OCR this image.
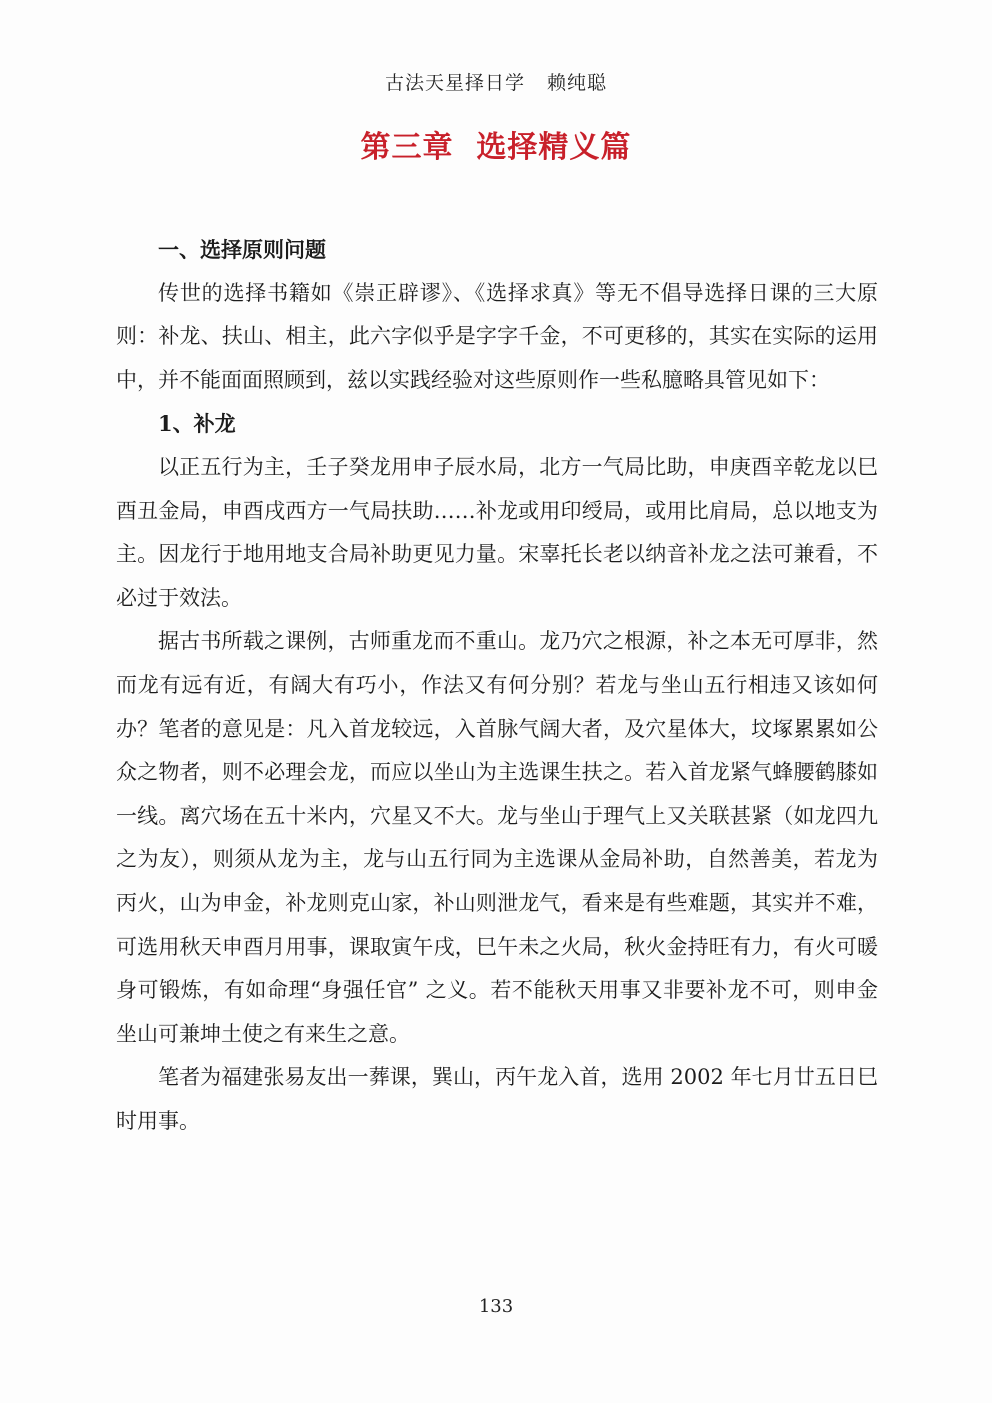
古法天星择日学 赖纯聪
第三章  选择精义篇
一、选择原则问题

传世的选择书籍如《崇正辟谬》、《选择求真》等无不倡导选择日课的三大原则：补龙、扶山、相主，此六字似乎是字字千金，不可更移的，其实在实际的运用中，并不能面面照顾到，兹以实践经验对这些原则作一些私臆略具管见如下：

1、补龙

以正五行为主，壬子癸龙用申子辰水局，北方一气局比助，申庚酉辛乾龙以巳酉丑金局，申酉戌西方一气局扶助……补龙或用印绶局，或用比肩局，总以地支为主。因龙行于地用地支合局补助更见力量。宋辜托长老以纳音补龙之法可兼看，不必过于效法。

据古书所载之课例，古师重龙而不重山。龙乃穴之根源，补之本无可厚非，然而龙有远有近，有阔大有巧小，作法又有何分别？若龙与坐山五行相违又该如何办？笔者的意见是：凡入首龙较远，入首脉气阔大者，及穴星体大，坟塚累累如公众之物者，则不必理会龙，而应以坐山为主选课生扶之。若入首龙紧气蜂腰鹤膝如一线。离穴场在五十米内，穴星又不大。龙与坐山于理气上又关联甚紧（如龙四九之为友），则须从龙为主，龙与山五行同为主选课从金局补助，自然善美，若龙为丙火，山为申金，补龙则克山家，补山则泄龙气，看来是有些难题，其实并不难，可选用秋天申酉月用事，课取寅午戌，巳午未之火局，秋火金持旺有力，有火可暖身可锻炼，有如命理“身强任官” 之义。若不能秋天用事又非要补龙不可，则申金坐山可兼坤土使之有来生之意。

笔者为福建张易友出一葬课，巽山，丙午龙入首，选用 2002 年七月廿五日巳时用事。

133
